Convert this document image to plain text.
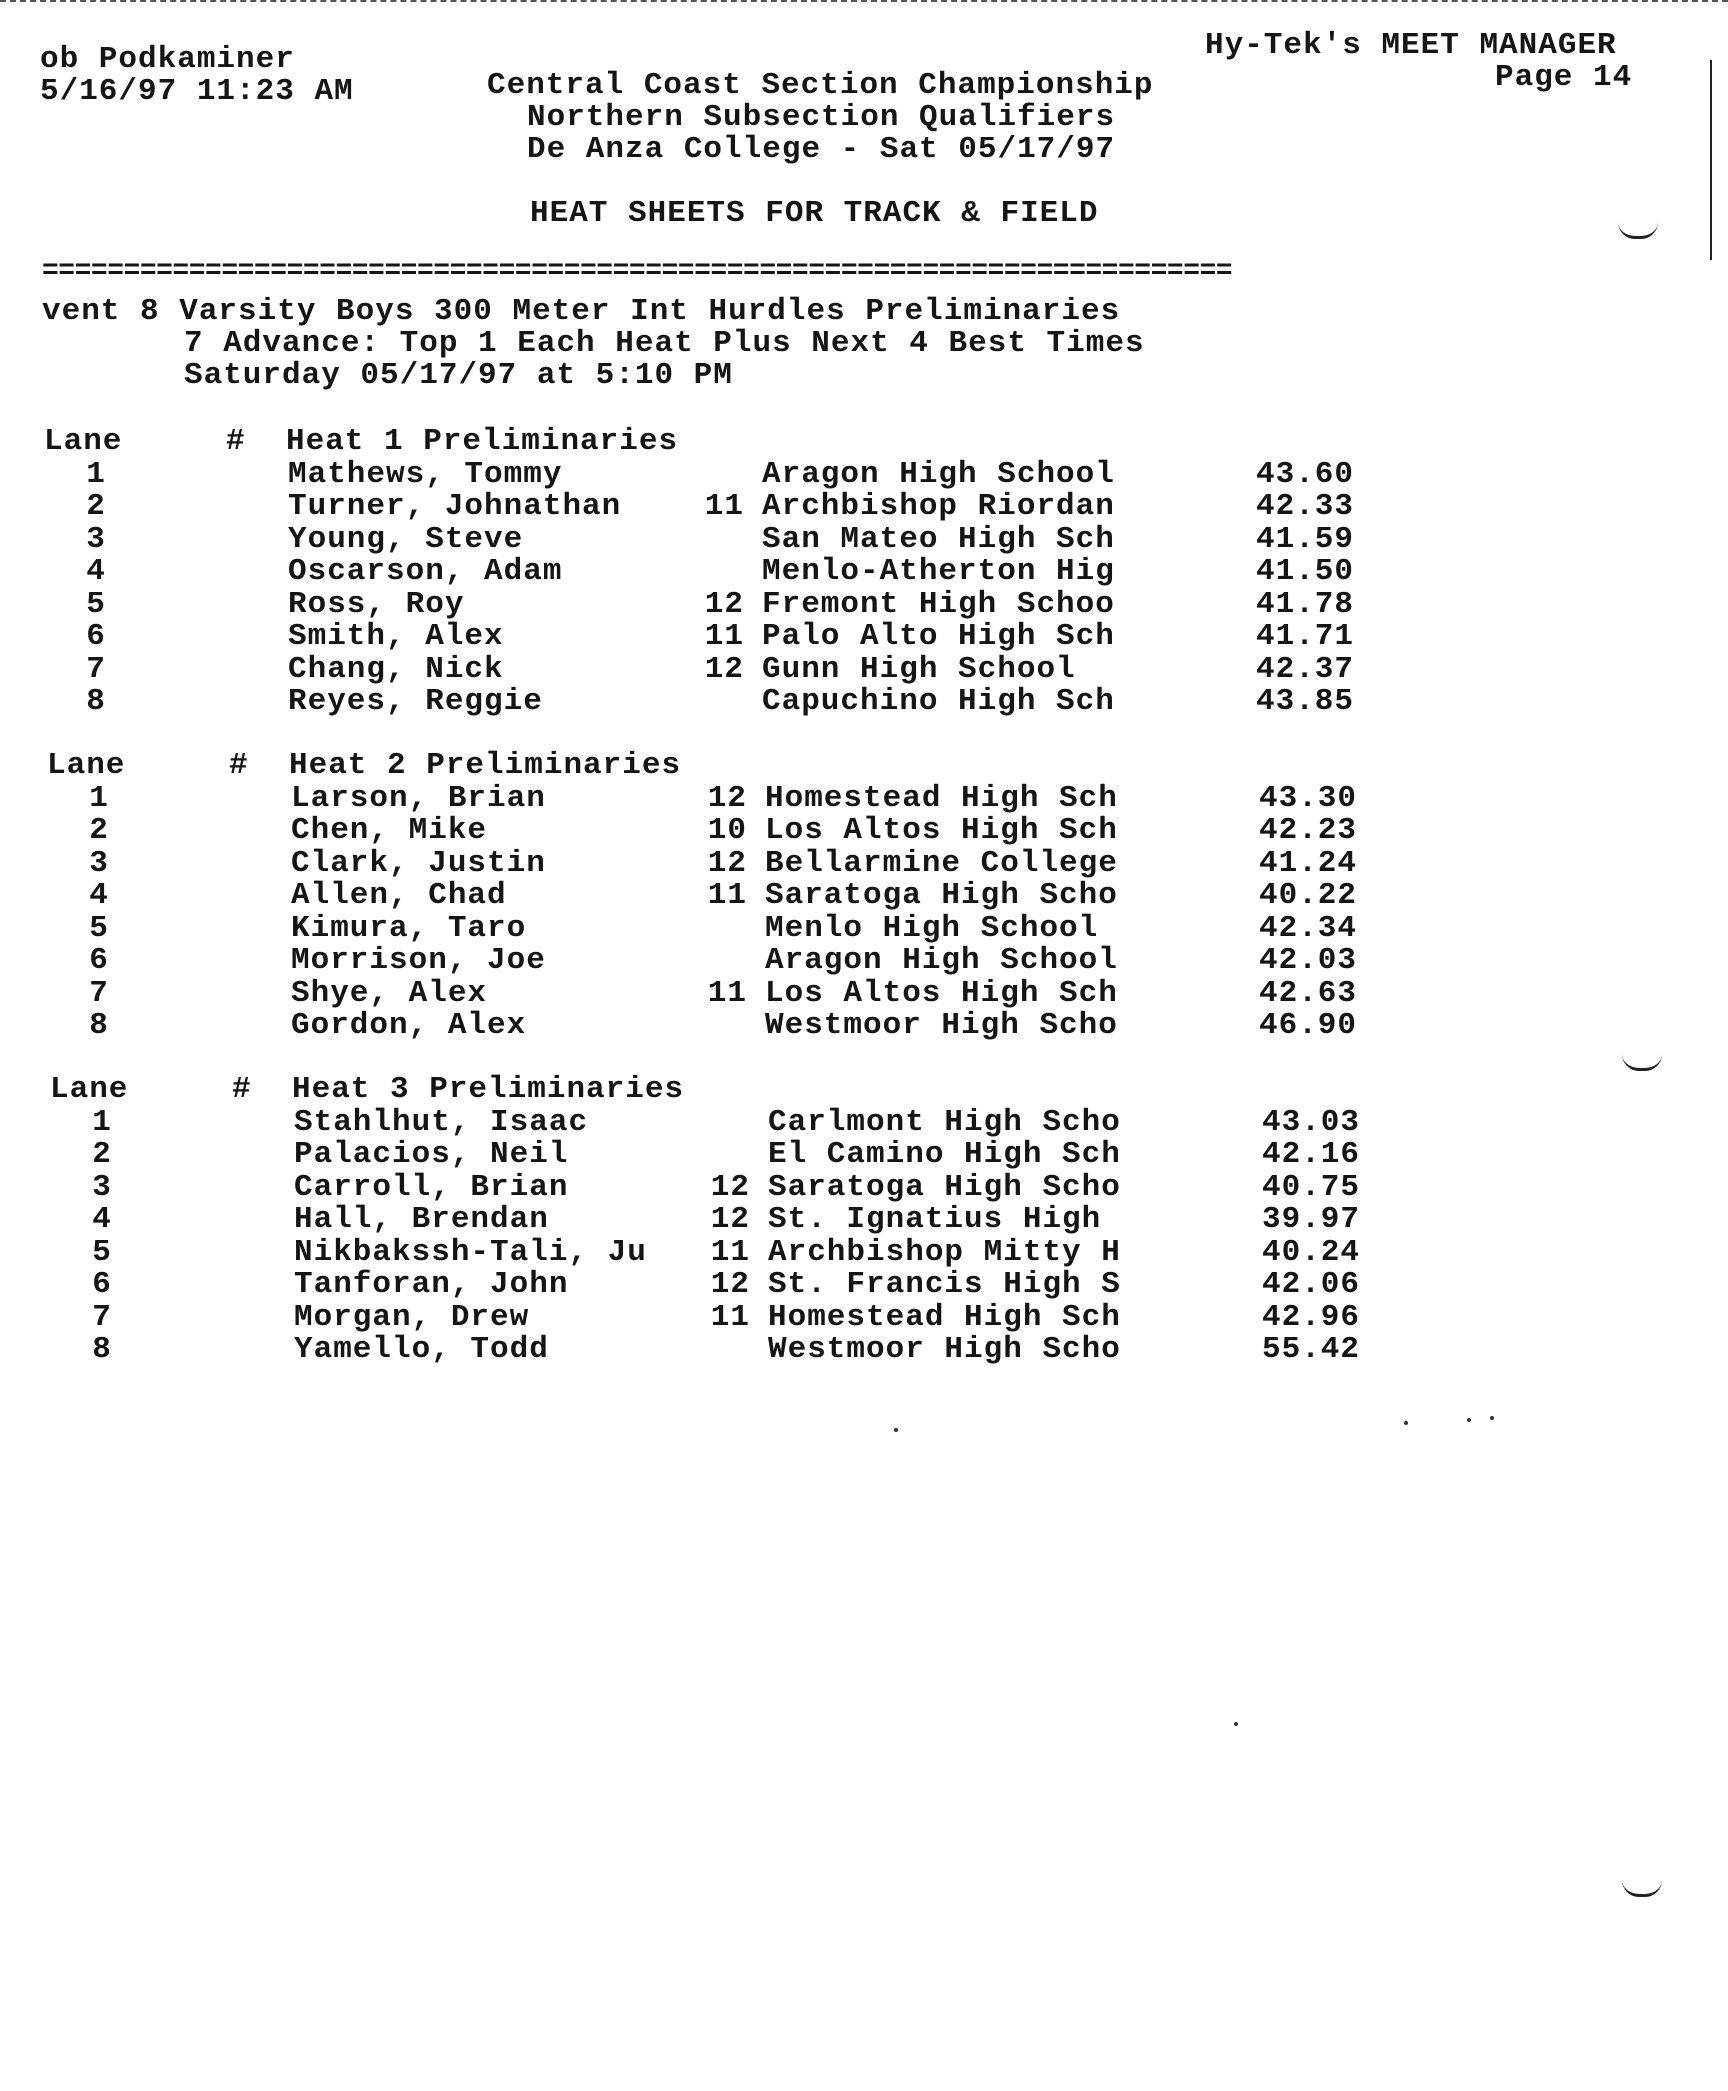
ob Podkaminer
5/16/97 11:23 AM
Hy-Tek's MEET MANAGER
Page 14
Central Coast Section Championship
Northern Subsection Qualifiers
De Anza College - Sat 05/17/97
HEAT SHEETS FOR TRACK & FIELD
=========================================================================
vent 8 Varsity Boys 300 Meter Int Hurdles Preliminaries
7 Advance: Top 1 Each Heat Plus Next 4 Best Times
Saturday 05/17/97 at 5:10 PM
Lane	# Heat 1 Preliminaries
1	Mathews, Tommy	Aragon High School	43.60
2	Turner, Johnathan	11 Archbishop Riordan	42.33
3	Young, Steve	San Mateo High Sch	41.59
4	Oscarson, Adam	Menlo-Atherton Hig	41.50
5	Ross, Roy	12 Fremont High Schoo	41.78
6	Smith, Alex	11 Palo Alto High Sch	41.71
7	Chang, Nick	12 Gunn High School	42.37
8	Reyes, Reggie	Capuchino High Sch	43.85
Lane	# Heat 2 Preliminaries
1	Larson, Brian	12 Homestead High Sch	43.30
2	Chen, Mike	10 Los Altos High Sch	42.23
3	Clark, Justin	12 Bellarmine College	41.24
4	Allen, Chad	11 Saratoga High Scho	40.22
5	Kimura, Taro	Menlo High School	42.34
6	Morrison, Joe	Aragon High School	42.03
7	Shye, Alex	11 Los Altos High Sch	42.63
8	Gordon, Alex	Westmoor High Scho	46.90
Lane	# Heat 3 Preliminaries
1	Stahlhut, Isaac	Carlmont High Scho	43.03
2	Palacios, Neil	El Camino High Sch	42.16
3	Carroll, Brian	12 Saratoga High Scho	40.75
4	Hall, Brendan	12 St. Ignatius High	39.97
5	Nikbakssh-Tali, Ju 11 Archbishop Mitty H	40.24
6	Tanforan, John	12 St. Francis High S	42.06
7	Morgan, Drew	11 Homestead High Sch	42.96
8	Yamello, Todd	Westmoor High Scho	55.42
